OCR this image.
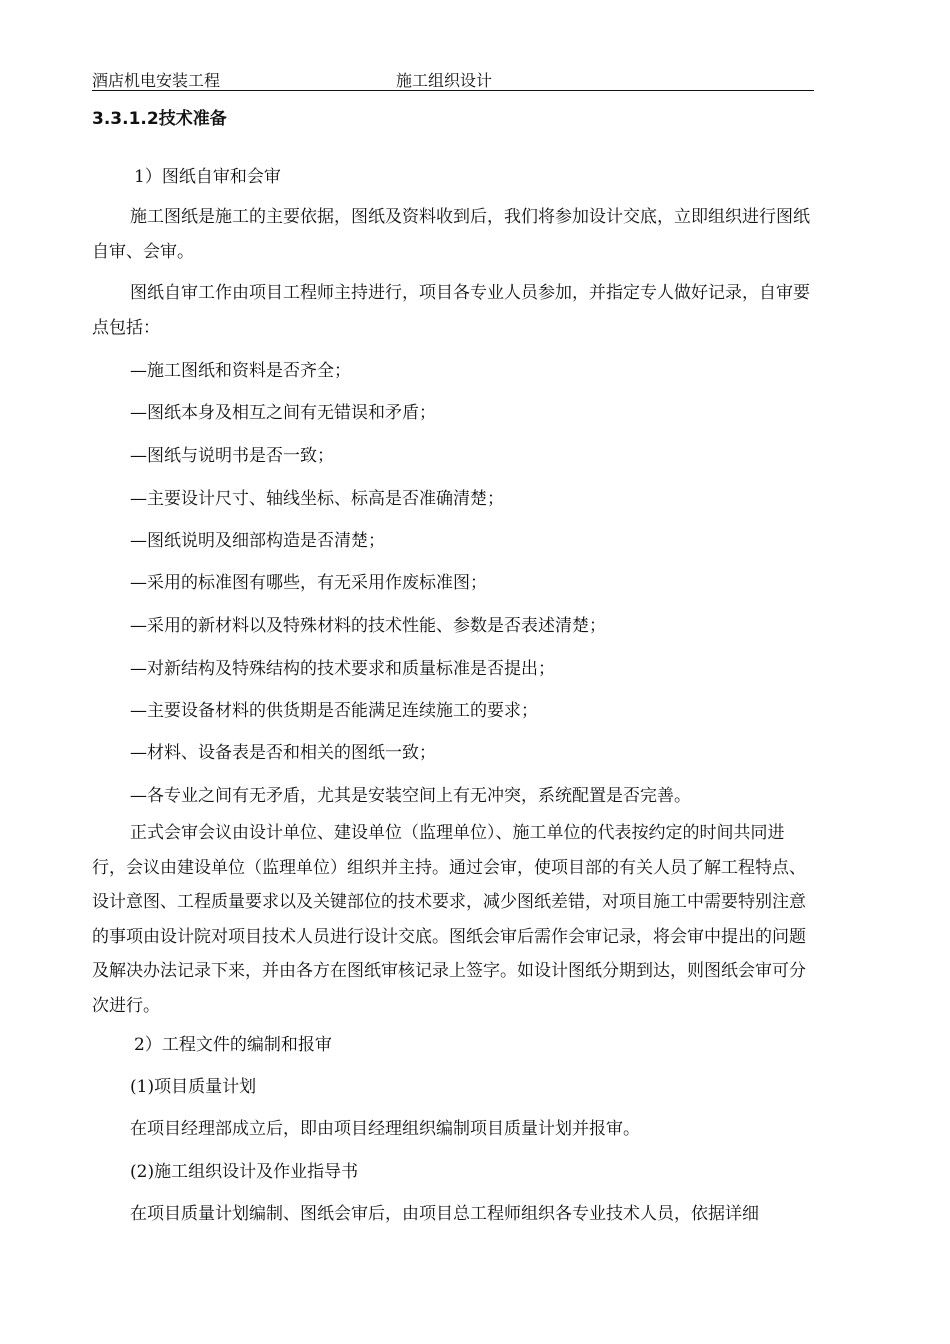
酒店机电安装工程	施工组织设计
3.3.1.2技术准备
1）图纸自审和会审

施工图纸是施工的主要依据，图纸及资料收到后，我们将参加设计交底，立即组织进行图纸自审、会审。

图纸自审工作由项目工程师主持进行，项目各专业人员参加，并指定专人做好记录，自审要点包括：

—施工图纸和资料是否齐全；
—图纸本身及相互之间有无错误和矛盾；
—图纸与说明书是否一致；
—主要设计尺寸、轴线坐标、标高是否准确清楚；
—图纸说明及细部构造是否清楚；
—采用的标准图有哪些，有无采用作废标准图；
—采用的新材料以及特殊材料的技术性能、参数是否表述清楚；
—对新结构及特殊结构的技术要求和质量标准是否提出；
—主要设备材料的供货期是否能满足连续施工的要求；
—材料、设备表是否和相关的图纸一致；
—各专业之间有无矛盾，尤其是安装空间上有无冲突，系统配置是否完善。

正式会审会议由设计单位、建设单位（监理单位）、施工单位的代表按约定的时间共同进行，会议由建设单位（监理单位）组织并主持。通过会审，使项目部的有关人员了解工程特点、设计意图、工程质量要求以及关键部位的技术要求，减少图纸差错，对项目施工中需要特别注意的事项由设计院对项目技术人员进行设计交底。图纸会审后需作会审记录，将会审中提出的问题及解决办法记录下来，并由各方在图纸审核记录上签字。如设计图纸分期到达，则图纸会审可分次进行。

2）工程文件的编制和报审
(1)项目质量计划
在项目经理部成立后，即由项目经理组织编制项目质量计划并报审。
(2)施工组织设计及作业指导书
在项目质量计划编制、图纸会审后，由项目总工程师组织各专业技术人员，依据详细
